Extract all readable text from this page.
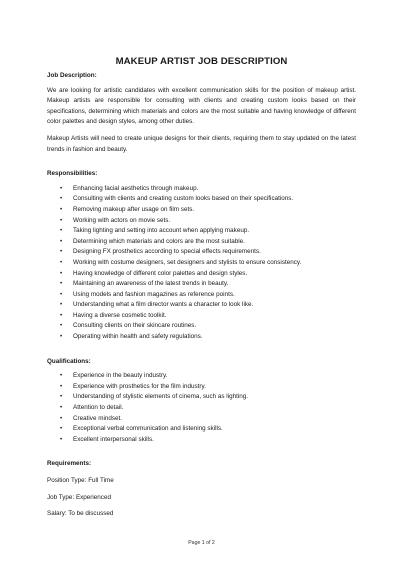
MAKEUP ARTIST JOB DESCRIPTION
Job Description:

We are looking for artistic candidates with excellent communication skills for the position of makeup artist. Makeup artists are responsible for consulting with clients and creating custom looks based on their specifications, determining which materials and colors are the most suitable and having knowledge of different color palettes and design styles, among other duties.

Makeup Artists will need to create unique designs for their clients, requiring them to stay updated on the latest trends in fashion and beauty.

Responsibilities:
• Enhancing facial aesthetics through makeup.
• Consulting with clients and creating custom looks based on their specifications.
• Removing makeup after usage on film sets.
• Working with actors on movie sets.
• Taking lighting and setting into account when applying makeup.
• Determining which materials and colors are the most suitable.
• Designing FX prosthetics according to special effects requirements.
• Working with costume designers, set designers and stylists to ensure consistency.
• Having knowledge of different color palettes and design styles.
• Maintaining an awareness of the latest trends in beauty.
• Using models and fashion magazines as reference points.
• Understanding what a film director wants a character to look like.
• Having a diverse cosmetic toolkit.
• Consulting clients on their skincare routines.
• Operating within health and safety regulations.
Qualifications:
• Experience in the beauty industry.
• Experience with prosthetics for the film industry.
• Understanding of stylistic elements of cinema, such as lighting.
• Attention to detail.
• Creative mindset.
• Exceptional verbal communication and listening skills.
• Excellent interpersonal skills.
Requirements:

Position Type: Full Time

Job Type: Experienced

Salary: To be discussed

Page 1 of 2
